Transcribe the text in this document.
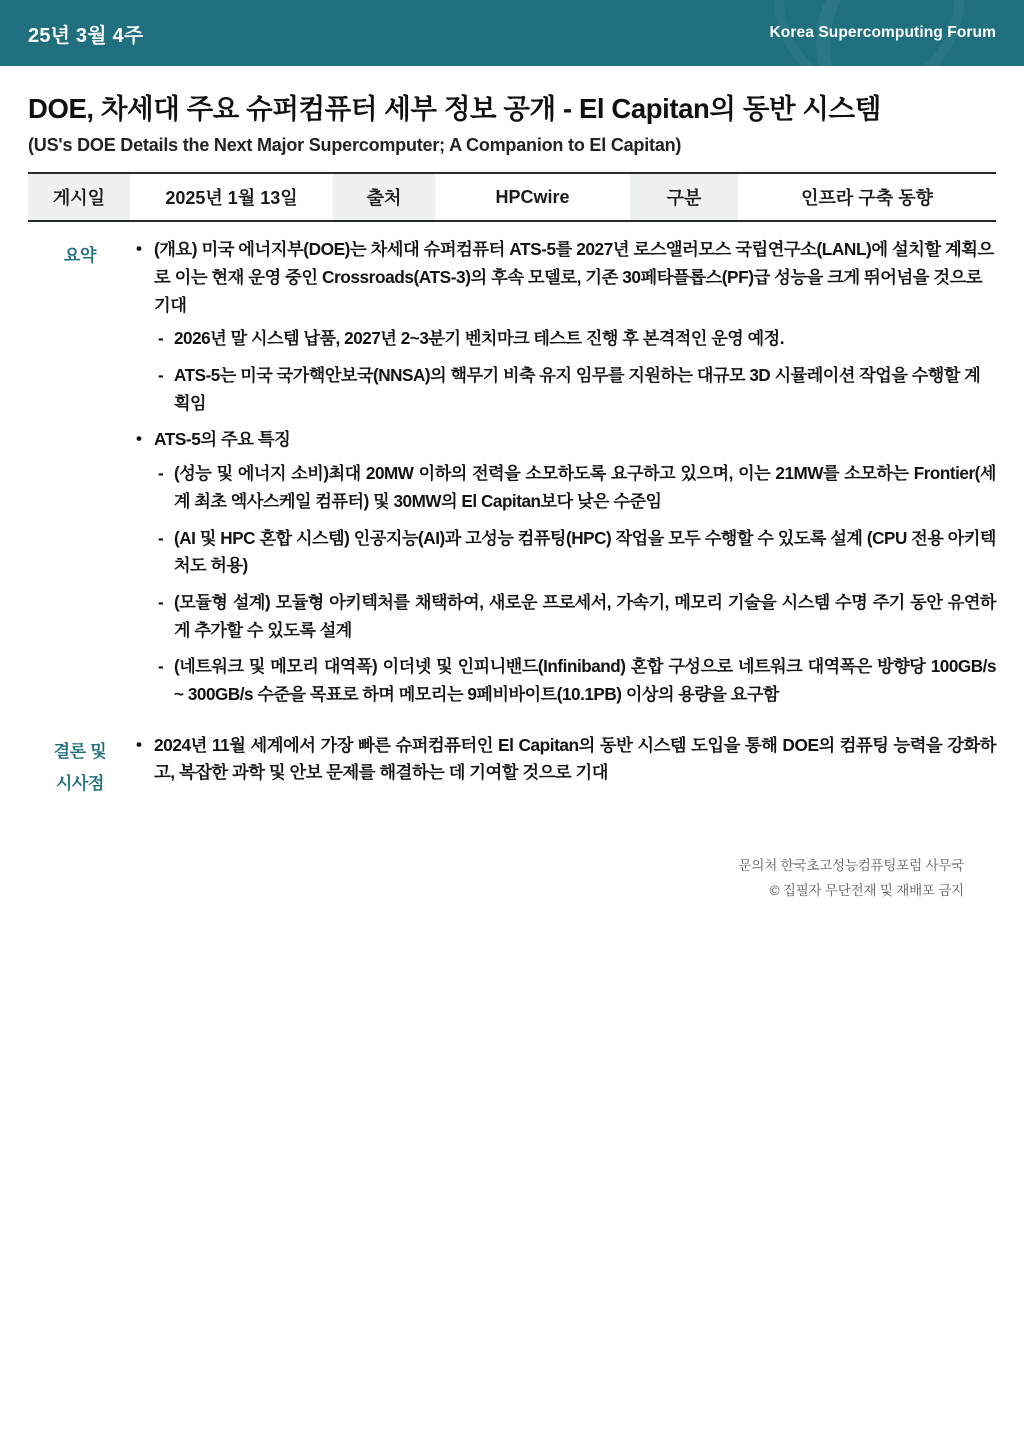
25년 3월 4주	Korea Supercomputing Forum
DOE, 차세대 주요 슈퍼컴퓨터 세부 정보 공개 - El Capitan의 동반 시스템
(US's DOE Details the Next Major Supercomputer; A Companion to El Capitan)
게시일	2025년 1월 13일	출처	HPCwire	구분	인프라 구축 동향
요약	• (개요) 미국 에너지부(DOE)는 차세대 슈퍼컴퓨터 ATS-5를 2027년 로스앨러모스 국립연구소(LANL)에 설치할 계획으로 이는 현재 운영 중인 Crossroads(ATS-3)의 후속 모델로, 기존 30페타플롭스(PF)급 성능을 크게 뛰어넘을 것으로 기대
- 2026년 말 시스템 납품, 2027년 2~3분기 벤치마크 테스트 진행 후 본격적인 운영 예정.
- ATS-5는 미국 국가핵안보국(NNSA)의 핵무기 비축 유지 임무를 지원하는 대규모 3D 시뮬레이션 작업을 수행할 계획임
• ATS-5의 주요 특징
- (성능 및 에너지 소비)최대 20MW 이하의 전력을 소모하도록 요구하고 있으며, 이는 21MW를 소모하는 Frontier(세계 최초 엑사스케일 컴퓨터) 및 30MW의 El Capitan보다 낮은 수준임
- (AI 및 HPC 혼합 시스템) 인공지능(AI)과 고성능 컴퓨팅(HPC) 작업을 모두 수행할 수 있도록 설계 (CPU 전용 아키텍처도 허용)
- (모듈형 설계) 모듈형 아키텍처를 채택하여, 새로운 프로세서, 가속기, 메모리 기술을 시스템 수명 주기 동안 유연하게 추가할 수 있도록 설계
- (네트워크 및 메모리 대역폭) 이더넷 및 인피니밴드(Infiniband) 혼합 구성으로 네트워크 대역폭은 방향당 100GB/s ~ 300GB/s 수준을 목표로 하며 메모리는 9페비바이트(10.1PB) 이상의 용량을 요구함
결론 및
시사점
• 2024년 11월 세계에서 가장 빠른 슈퍼컴퓨터인 El Capitan의 동반 시스템 도입을 통해 DOE의 컴퓨팅 능력을 강화하고, 복잡한 과학 및 안보 문제를 해결하는 데 기여할 것으로 기대
문의처 한국초고성능컴퓨팅포럼 사무국
© 집필자 무단전재 및 재배포 금지
